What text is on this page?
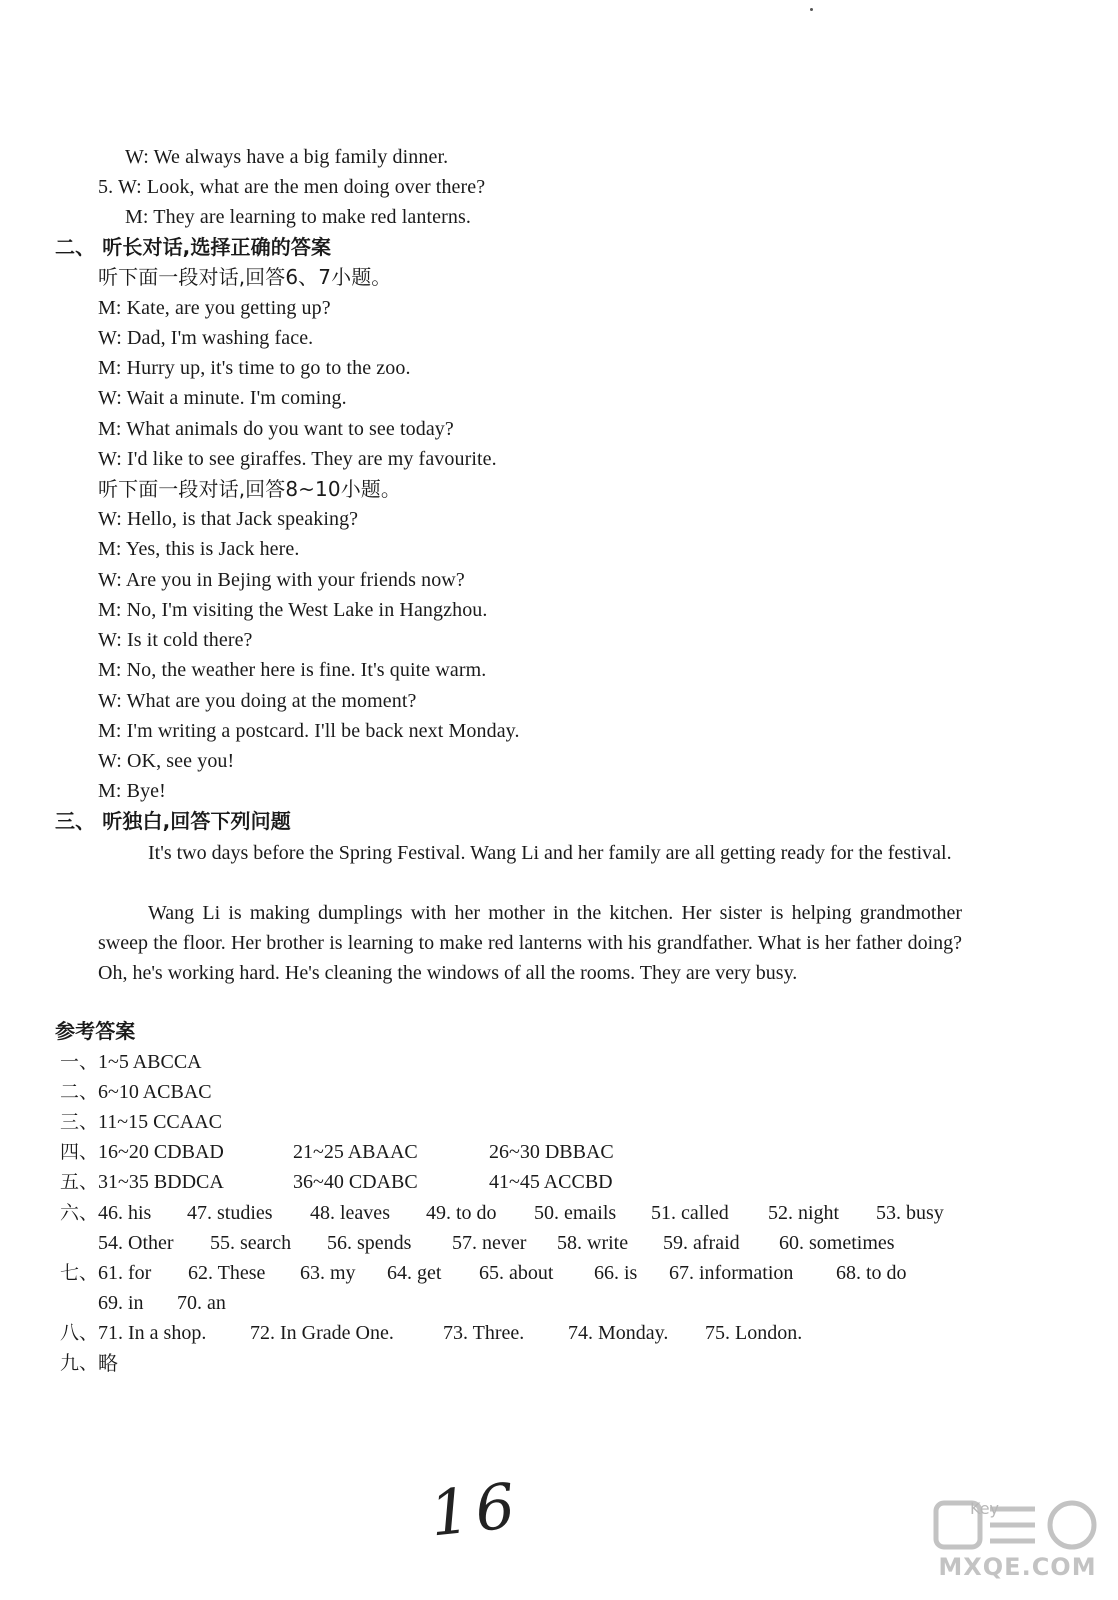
W: We always have a big family dinner.
5. W: Look, what are the men doing over there?
M: They are learning to make red lanterns.
二、 听长对话,选择正确的答案
听下面一段对话,回答6、7小题。
M: Kate, are you getting up?
W: Dad, I'm washing face.
M: Hurry up, it's time to go to the zoo.
W: Wait a minute. I'm coming.
M: What animals do you want to see today?
W: I'd like to see giraffes. They are my favourite.
听下面一段对话,回答8~10小题。
W: Hello, is that Jack speaking?
M: Yes, this is Jack here.
W: Are you in Bejing with your friends now?
M: No, I'm visiting the West Lake in Hangzhou.
W: Is it cold there?
M: No, the weather here is fine. It's quite warm.
W: What are you doing at the moment?
M: I'm writing a postcard. I'll be back next Monday.
W: OK, see you!
M: Bye!
三、 听独白,回答下列问题
It's two days before the Spring Festival. Wang Li and her family are all getting ready for the festival.
Wang Li is making dumplings with her mother in the kitchen. Her sister is helping grandmother sweep the floor. Her brother is learning to make red lanterns with his grandfather. What is her father doing? Oh, he's working hard. He's cleaning the windows of all the rooms. They are very busy.
参考答案
一、 1~5 ABCCA
二、 6~10 ACBAC
三、 11~15 CCAAC
四、 16~20 CDBAD	21~25 ABAAC	26~30 DBBAC
五、 31~35 BDDCA	36~40 CDABC	41~45 ACCBD
六、 46. his 47. studies 48. leaves 49. to do 50. emails 51. called 52. night 53. busy
54. Other 55. search 56. spends 57. never 58. write 59. afraid 60. sometimes
七、 61. for 62. These 63. my 64. get 65. about 66. is 67. information 68. to do
69. in 70. an
八、 71. In a shop. 72. In Grade One. 73. Three. 74. Monday. 75. London.
九、 略
16	Key
MXQE.COM
